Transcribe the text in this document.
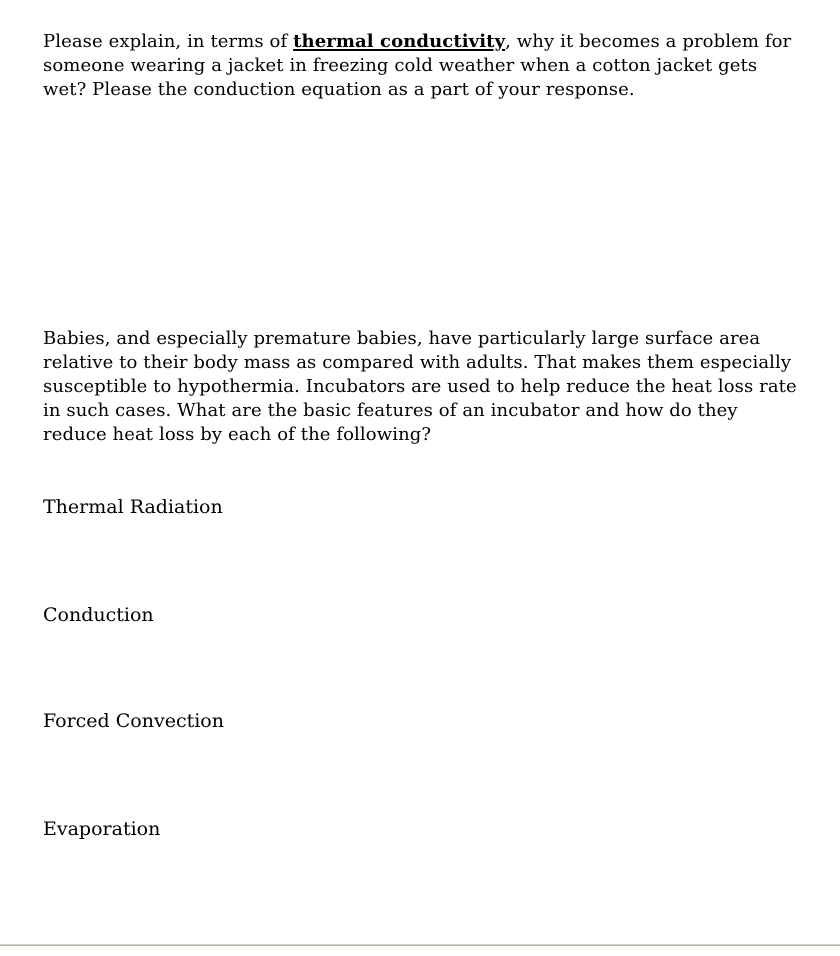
Please explain, in terms of thermal conductivity, why it becomes a problem for someone wearing a jacket in freezing cold weather when a cotton jacket gets wet? Please the conduction equation as a part of your response.

Babies, and especially premature babies, have particularly large surface area relative to their body mass as compared with adults. That makes them especially susceptible to hypothermia. Incubators are used to help reduce the heat loss rate in such cases. What are the basic features of an incubator and how do they reduce heat loss by each of the following?

Thermal Radiation
Conduction
Forced Convection
Evaporation
